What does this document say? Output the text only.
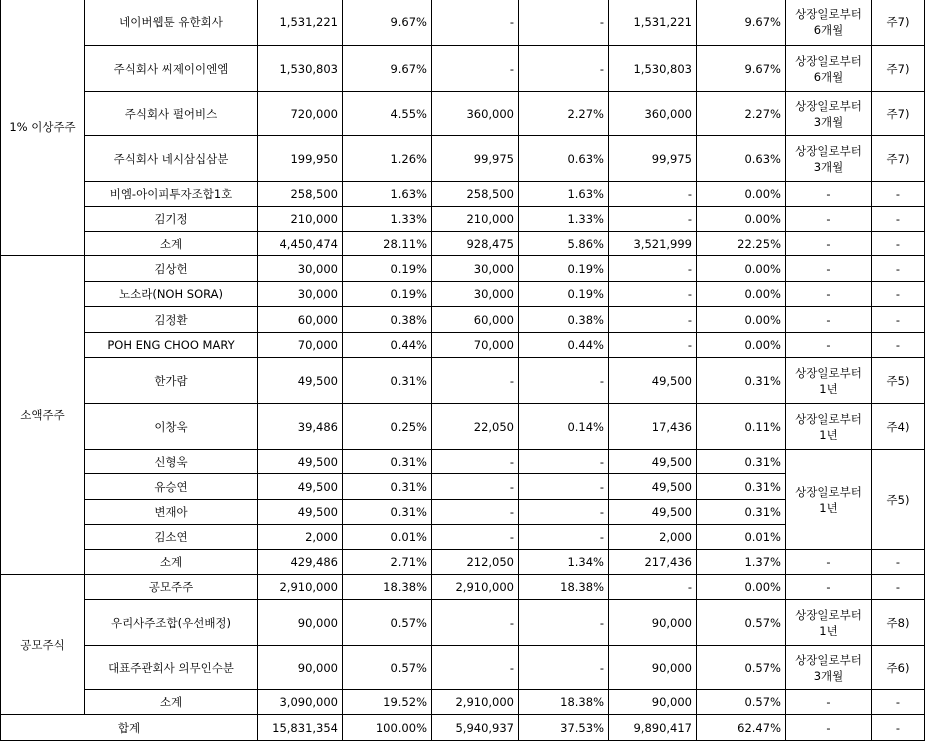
1% 이상주주	네이버웹툰 유한회사	1,531,221	9.67%	-	-	1,531,221	9.67%	상장일로부터 6개월	주7)
	주식회사 씨제이이엔엠	1,530,803	9.67%	-	-	1,530,803	9.67%	상장일로부터 6개월	주7)
	주식회사 펄어비스	720,000	4.55%	360,000	2.27%	360,000	2.27%	상장일로부터 3개월	주7)
	주식회사 네시삼십삼분	199,950	1.26%	99,975	0.63%	99,975	0.63%	상장일로부터 3개월	주7)
	비엠-아이피투자조합1호	258,500	1.63%	258,500	1.63%	-	0.00%	-	-
	김기정	210,000	1.33%	210,000	1.33%	-	0.00%	-	-
	소계	4,450,474	28.11%	928,475	5.86%	3,521,999	22.25%	-	-
소액주주	김상헌	30,000	0.19%	30,000	0.19%	-	0.00%	-	-
	노소라(NOH SORA)	30,000	0.19%	30,000	0.19%	-	0.00%	-	-
	김정환	60,000	0.38%	60,000	0.38%	-	0.00%	-	-
	POH ENG CHOO MARY	70,000	0.44%	70,000	0.44%	-	0.00%	-	-
	한가람	49,500	0.31%	-	-	49,500	0.31%	상장일로부터 1년	주5)
	이창욱	39,486	0.25%	22,050	0.14%	17,436	0.11%	상장일로부터 1년	주4)
	신형욱	49,500	0.31%	-	-	49,500	0.31%	상장일로부터 1년	주5)
	유승연	49,500	0.31%	-	-	49,500	0.31%		
	변재아	49,500	0.31%	-	-	49,500	0.31%		
	김소연	2,000	0.01%	-	-	2,000	0.01%		
	소계	429,486	2.71%	212,050	1.34%	217,436	1.37%	-	-
공모주식	공모주주	2,910,000	18.38%	2,910,000	18.38%	-	0.00%	-	-
	우리사주조합(우선배정)	90,000	0.57%	-	-	90,000	0.57%	상장일로부터 1년	주8)
	대표주관회사 의무인수분	90,000	0.57%	-	-	90,000	0.57%	상장일로부터 3개월	주6)
	소계	3,090,000	19.52%	2,910,000	18.38%	90,000	0.57%	-	-
합계		15,831,354	100.00%	5,940,937	37.53%	9,890,417	62.47%	-	-
